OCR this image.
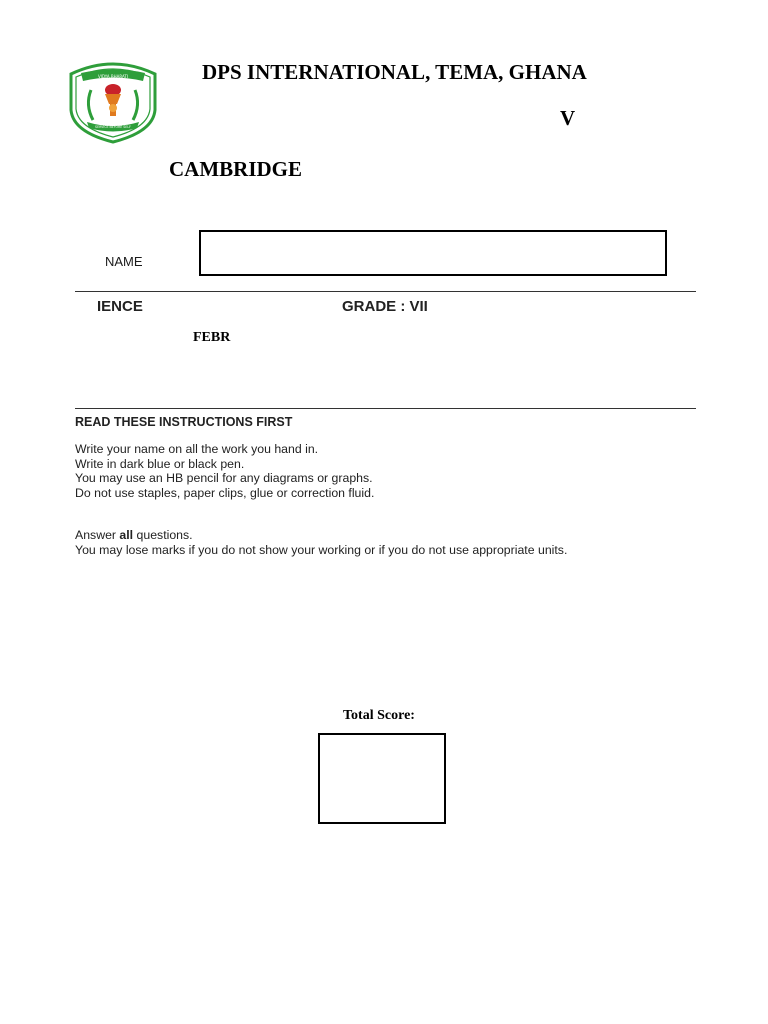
VIDYA BHARATI
SERVICE BEFORE SELF
DPS INTERNATIONAL, TEMA, GHANA
V
CAMBRIDGE
NAME
IENCE	GRADE : VII
FEBR
READ THESE INSTRUCTIONS FIRST
Write your name on all the work you hand in.
Write in dark blue or black pen.
You may use an HB pencil for any diagrams or graphs.
Do not use staples, paper clips, glue or correction fluid.
Answer all questions.
You may lose marks if you do not show your working or if you do not use appropriate units.
Total Score:
